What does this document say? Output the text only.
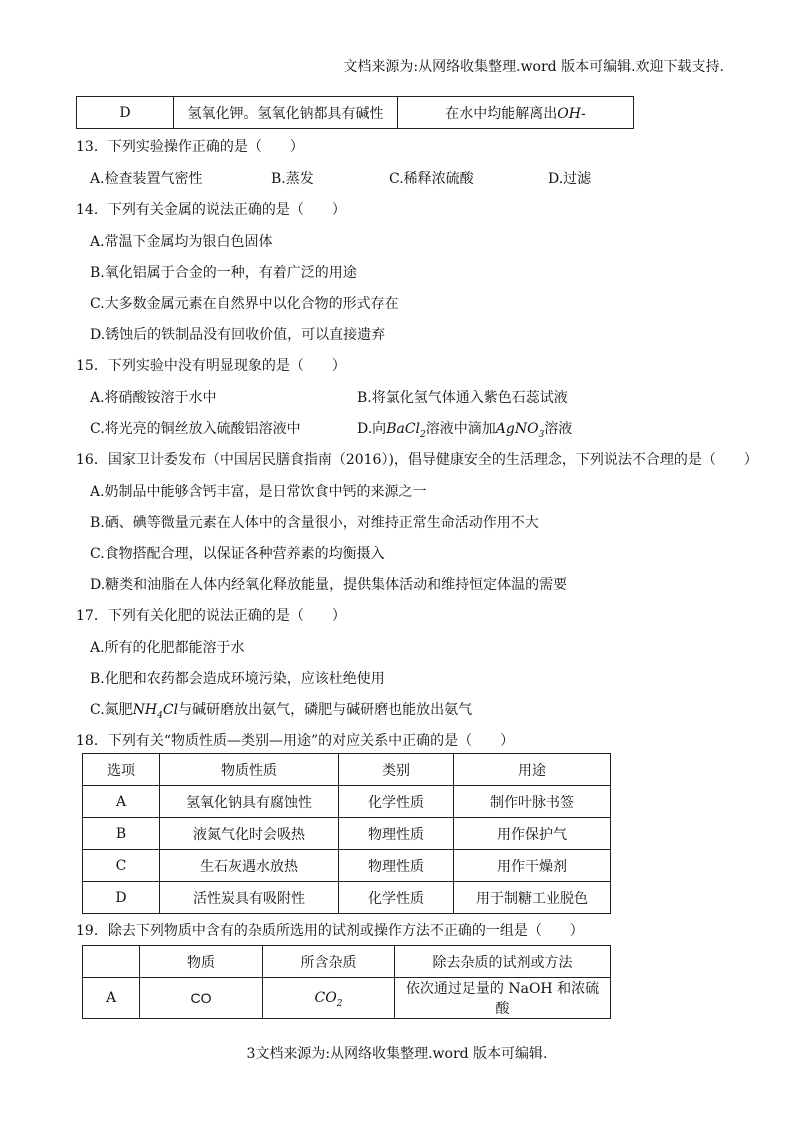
文档来源为:从网络收集整理.word 版本可编辑.欢迎下载支持.
D	氢氧化钾。氢氧化钠都具有碱性	在水中均能解离出OH-
13．下列实验操作正确的是（　　）
A.检查装置气密性	B.蒸发	C.稀释浓硫酸	D.过滤
14．下列有关金属的说法正确的是（　　）
A.常温下金属均为银白色固体
B.氧化铝属于合金的一种，有着广泛的用途
C.大多数金属元素在自然界中以化合物的形式存在
D.锈蚀后的铁制品没有回收价值，可以直接遗弃
15．下列实验中没有明显现象的是（　　）
A.将硝酸铵溶于水中	B.将氯化氢气体通入紫色石蕊试液
C.将光亮的铜丝放入硫酸铝溶液中	D.向BaCl$_2$溶液中滴加AgNO$_3$溶液
16．国家卫计委发布（中国居民膳食指南（2016）)，倡导健康安全的生活理念，下列说法不合理的是（　　）
A.奶制品中能够含钙丰富，是日常饮食中钙的来源之一
B.硒、碘等微量元素在人体中的含量很小，对维持正常生命活动作用不大
C.食物搭配合理，以保证各种营养素的均衡摄入
D.糖类和油脂在人体内经氧化释放能量，提供集体活动和维持恒定体温的需要
17．下列有关化肥的说法正确的是（　　）
A.所有的化肥都能溶于水
B.化肥和农药都会造成环境污染，应该杜绝使用
C.氮肥$NH_4Cl$与碱研磨放出氨气，磷肥与碱研磨也能放出氨气
18．下列有关“物质性质—类别—用途”的对应关系中正确的是（　　）
选项	物质性质	类别	用途
A	氢氧化钠具有腐蚀性	化学性质	制作叶脉书签
B	液氮气化时会吸热	物理性质	用作保护气
C	生石灰遇水放热	物理性质	用作干燥剂
D	活性炭具有吸附性	化学性质	用于制糖工业脱色
19．除去下列物质中含有的杂质所选用的试剂或操作方法不正确的一组是（　　）
	物质	所含杂质	除去杂质的试剂或方法
A	CO	$CO_2$	依次通过足量的 NaOH 和浓硫酸
3文档来源为:从网络收集整理.word 版本可编辑.
